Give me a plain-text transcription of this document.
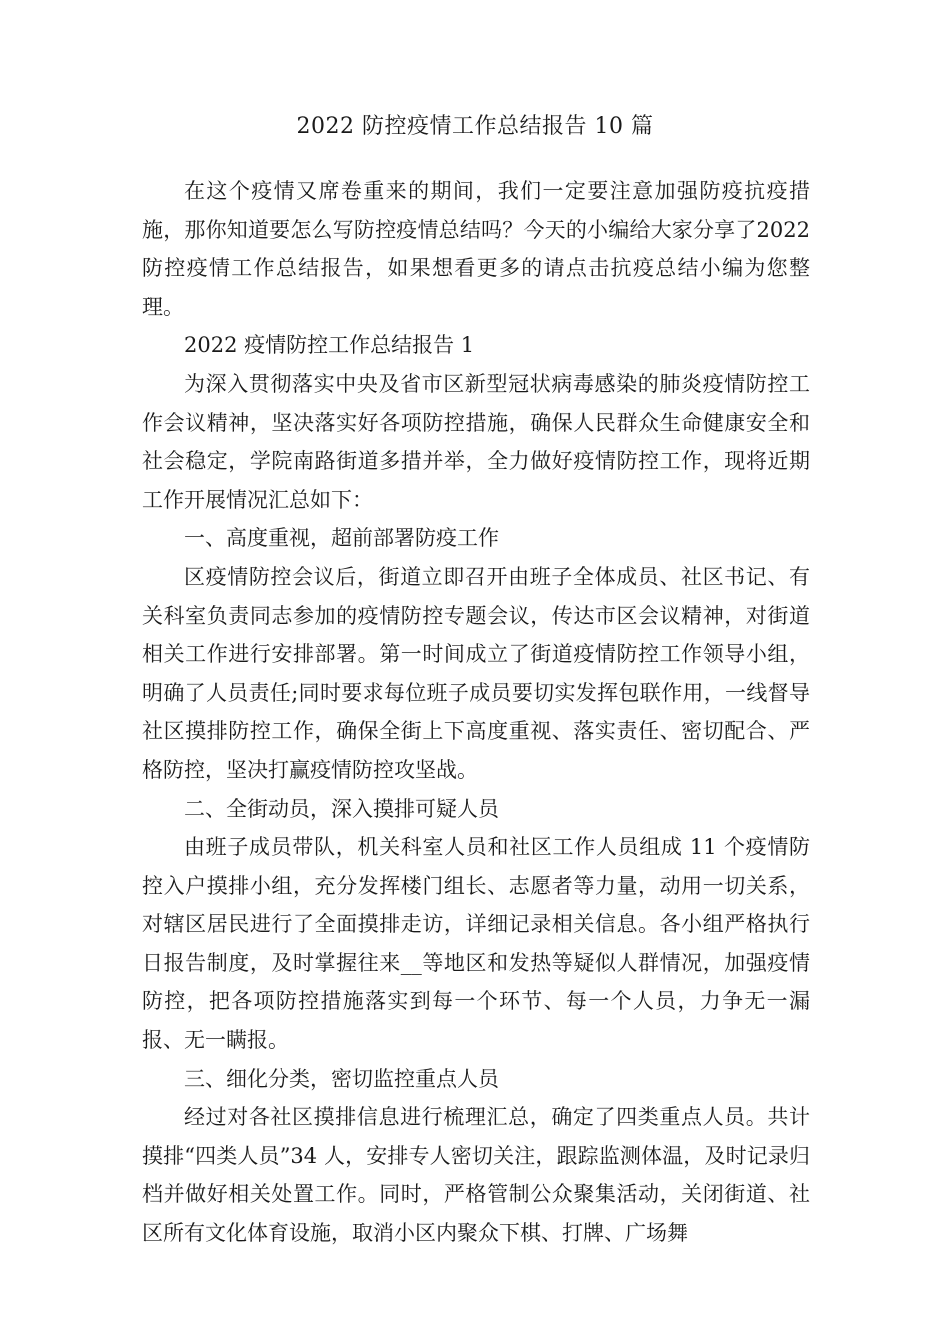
2022 防控疫情工作总结报告 10 篇

在这个疫情又席卷重来的期间，我们一定要注意加强防疫抗疫措施，那你知道要怎么写防控疫情总结吗？今天的小编给大家分享了2022 防控疫情工作总结报告，如果想看更多的请点击抗疫总结小编为您整理。

2022 疫情防控工作总结报告 1

为深入贯彻落实中央及省市区新型冠状病毒感染的肺炎疫情防控工作会议精神，坚决落实好各项防控措施，确保人民群众生命健康安全和社会稳定，学院南路街道多措并举，全力做好疫情防控工作，现将近期工作开展情况汇总如下：

一、高度重视，超前部署防疫工作

区疫情防控会议后，街道立即召开由班子全体成员、社区书记、有关科室负责同志参加的疫情防控专题会议，传达市区会议精神，对街道相关工作进行安排部署。第一时间成立了街道疫情防控工作领导小组，明确了人员责任;同时要求每位班子成员要切实发挥包联作用，一线督导社区摸排防控工作，确保全街上下高度重视、落实责任、密切配合、严格防控，坚决打赢疫情防控攻坚战。

二、全街动员，深入摸排可疑人员

由班子成员带队，机关科室人员和社区工作人员组成 11 个疫情防控入户摸排小组，充分发挥楼门组长、志愿者等力量，动用一切关系，对辖区居民进行了全面摸排走访，详细记录相关信息。各小组严格执行日报告制度，及时掌握往来__等地区和发热等疑似人群情况，加强疫情防控，把各项防控措施落实到每一个环节、每一个人员，力争无一漏报、无一瞒报。

三、细化分类，密切监控重点人员

经过对各社区摸排信息进行梳理汇总，确定了四类重点人员。共计摸排“四类人员”34 人，安排专人密切关注，跟踪监测体温，及时记录归档并做好相关处置工作。同时，严格管制公众聚集活动，关闭街道、社区所有文化体育设施，取消小区内聚众下棋、打牌、广场舞
